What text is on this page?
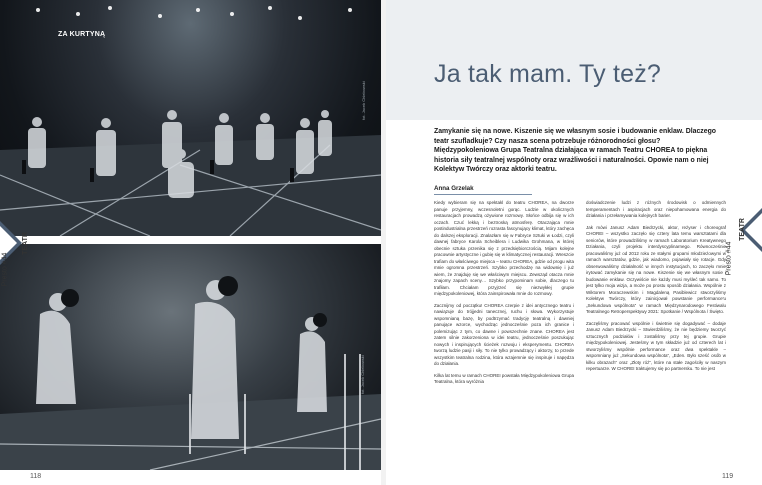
ZA KURTYNĄ
fot. Jacek Chlebowski
fot. Jacek Chlebowski
Presto #44
TEATR
118
Ja tak mam. Ty też?
Zamykanie się na nowe. Kiszenie się we własnym sosie i budowanie enklaw. Dlaczego teatr szufladkuje? Czy nasza scena potrzebuje różnorodności głosu? Międzypokoleniowa Grupa Teatralna działająca w ramach Teatru CHOREA to piękna historia siły teatralnej wspólnoty oraz wrażliwości i naturalności. Opowie nam o niej Kolektyw Twórczy oraz aktorki teatru.
Anna Grzelak

Kiedy wybieram się na spektakl do teatru CHOREA, na dworze panuje przyjemny, wczesnoletni gorąc. Ludzie w okolicznych restauracjach prowadzą ożywione rozmowy. Słońce odbija się w ich oczach. Czuć lekką i beztroską atmosferę. Otaczająca mnie postindustrialna przestrzeń rozrasta fascynujący klimat, który zachęca do dalszej eksploracji. Znalazłam się w Fabryce Sztuki w Łodzi, czyli dawnej fabryce Karola Scheiblera i Ludwika Grohmana, w której obecnie sztuka przenika się z przedsiębiorczością. Mijam kolejne pracownie artystyczne i gubię się w klimatycznej restauracji. Wreszcie trafiam do właściwego miejsca – teatru CHOREA, gdzie od progu wita mnie ogromna przestrzeń. Szybko przechodzę na widownię i już wiem, że znajduję się we właściwym miejscu. Zewsząd otacza mnie znajomy zapach sceny… Szybko przypominam sobie, dlaczego tu trafiłam. Chciałam przyjrzeć się niezwykłej grupie międzypokoleniowej, która zainspirowała mnie do rozmowy.

Zacznijmy od początku! CHOREA czerpie z idei antycznego teatru i nawiązuje do trójjedni tanecznej, ruchu i słowa. Wykorzystuje wspomnianą bazę, by podtrzymać tradycję teatralną i dawniej panujące wzorce, wychodząc jednocześnie poza ich granice i polemizując z tym, co dawne i powszechnie znane. CHOREA jest zatem silnie zakorzeniona w idei teatru, jednocześnie poszukując nowych i inspirujących ścieżek rozwoju i eksperymentu. CHOREA tworzą ludzie pasji i siły. To nie tylko prowadzący i aktorzy, to przede wszystkim teatralna rodzina, która wzajemnie się inspiruje i napędza do działania.

Kilka lat temu w ramach CHOREI powstała Międzypokoleniowa Grupa Teatralna, która wyróżnia

doświadczenie ludzi z różnych środowisk o odmiennych temperamentach i aspiracjach oraz niepohamowana energia do działania i przełamywania kolejnych barier.

Jak mówi Janusz Adam Biedrzycki, aktor, reżyser i choreograf CHOREI – wszystko zaczęło się cztery lata temu warsztatami dla seniorów, które prowadziliśmy w ramach Laboratorium Kreatywnego Działania, czyli projektu interdyscyplinarnego. Równocześnie pracowaliśmy już od 2012 roku ze stałymi grupami młodzieżowymi w ramach warsztatów, gdzie, jak wiadomo, pojawiały się rotacje. Gdy obserwowaliśmy działalność w innych instytucjach, to zaczęło mnie irytować zamykanie się na nowe. Kiszenie się we własnym sosie i budowanie enklaw. Oczywiście nie każdy musi myśleć tak samo. To jest tylko moja wizja, a może po prostu sposób działania. Wspólnie z Wiktorem Moraczewskim i Magdaleną Pasiblewicz stworzyliśmy Kolektyw Twórczy, który zainicjował powstanie performance'u „Sekundowa wspólnota” w ramach Międzynarodowego Festiwalu Teatralnego Retroperspektywy 2021: Spotkanie / Wspólnota / Święto.

Zaczęliśmy pracować wspólnie i świetnie się dogadywać – dodaje Janusz Adam Biedrzycki – Stwierdziliśmy, że nie będziemy tworzyć sztucznych podziałów i zostaliśmy przy tej grupie. Grupie międzypokoleniowej. Jesteśmy w tym składzie już od czterech lat i stworzyliśmy wspólnie performance oraz dwa spektakle – wspomniany już „Sekundowa wspólnota”, „Eden. Było sześć osób w kilku obrazach” oraz „Złoty róż”, które na stałe zagościły w naszym repertuarze. W CHOREI traktujemy się po partnersku. To nie jest

Presto #44
TEATR
119
